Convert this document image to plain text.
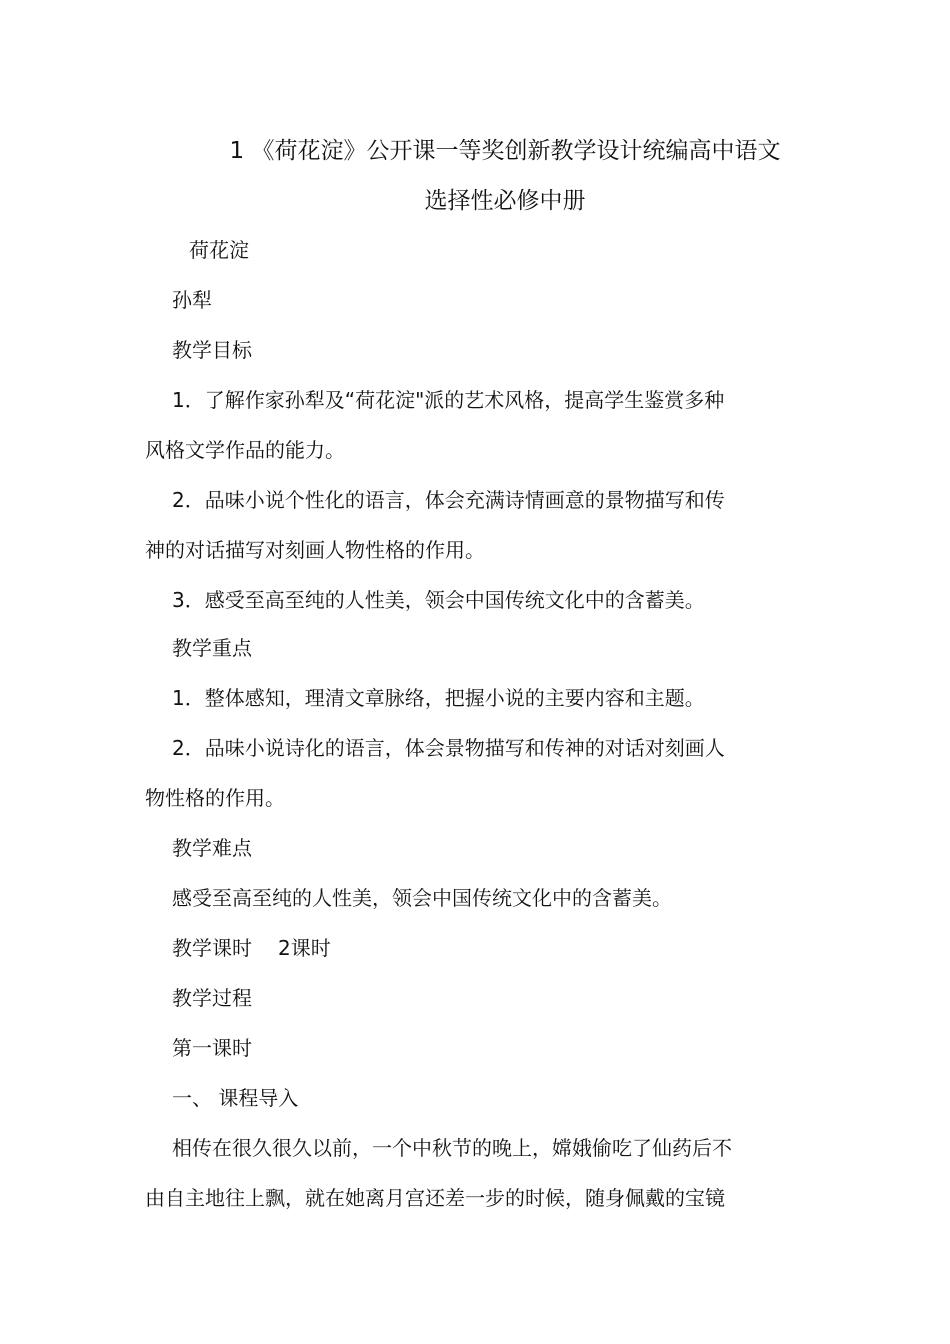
1 《荷花淀》公开课一等奖创新教学设计统编高中语文
选择性必修中册
荷花淀
孙犁
教学目标
1．了解作家孙犁及“荷花淀"派的艺术风格，提高学生鉴赏多种
风格文学作品的能力。
2．品味小说个性化的语言，体会充满诗情画意的景物描写和传
神的对话描写对刻画人物性格的作用。
3．感受至高至纯的人性美，领会中国传统文化中的含蓄美。
教学重点
1．整体感知，理清文章脉络，把握小说的主要内容和主题。
2．品味小说诗化的语言，体会景物描写和传神的对话对刻画人
物性格的作用。
教学难点
感受至高至纯的人性美，领会中国传统文化中的含蓄美。
教学课时 2课时
教学过程
第一课时
一、 课程导入
相传在很久很久以前，一个中秋节的晚上，嫦娥偷吃了仙药后不
由自主地往上飘，就在她离月宫还差一步的时候，随身佩戴的宝镜
